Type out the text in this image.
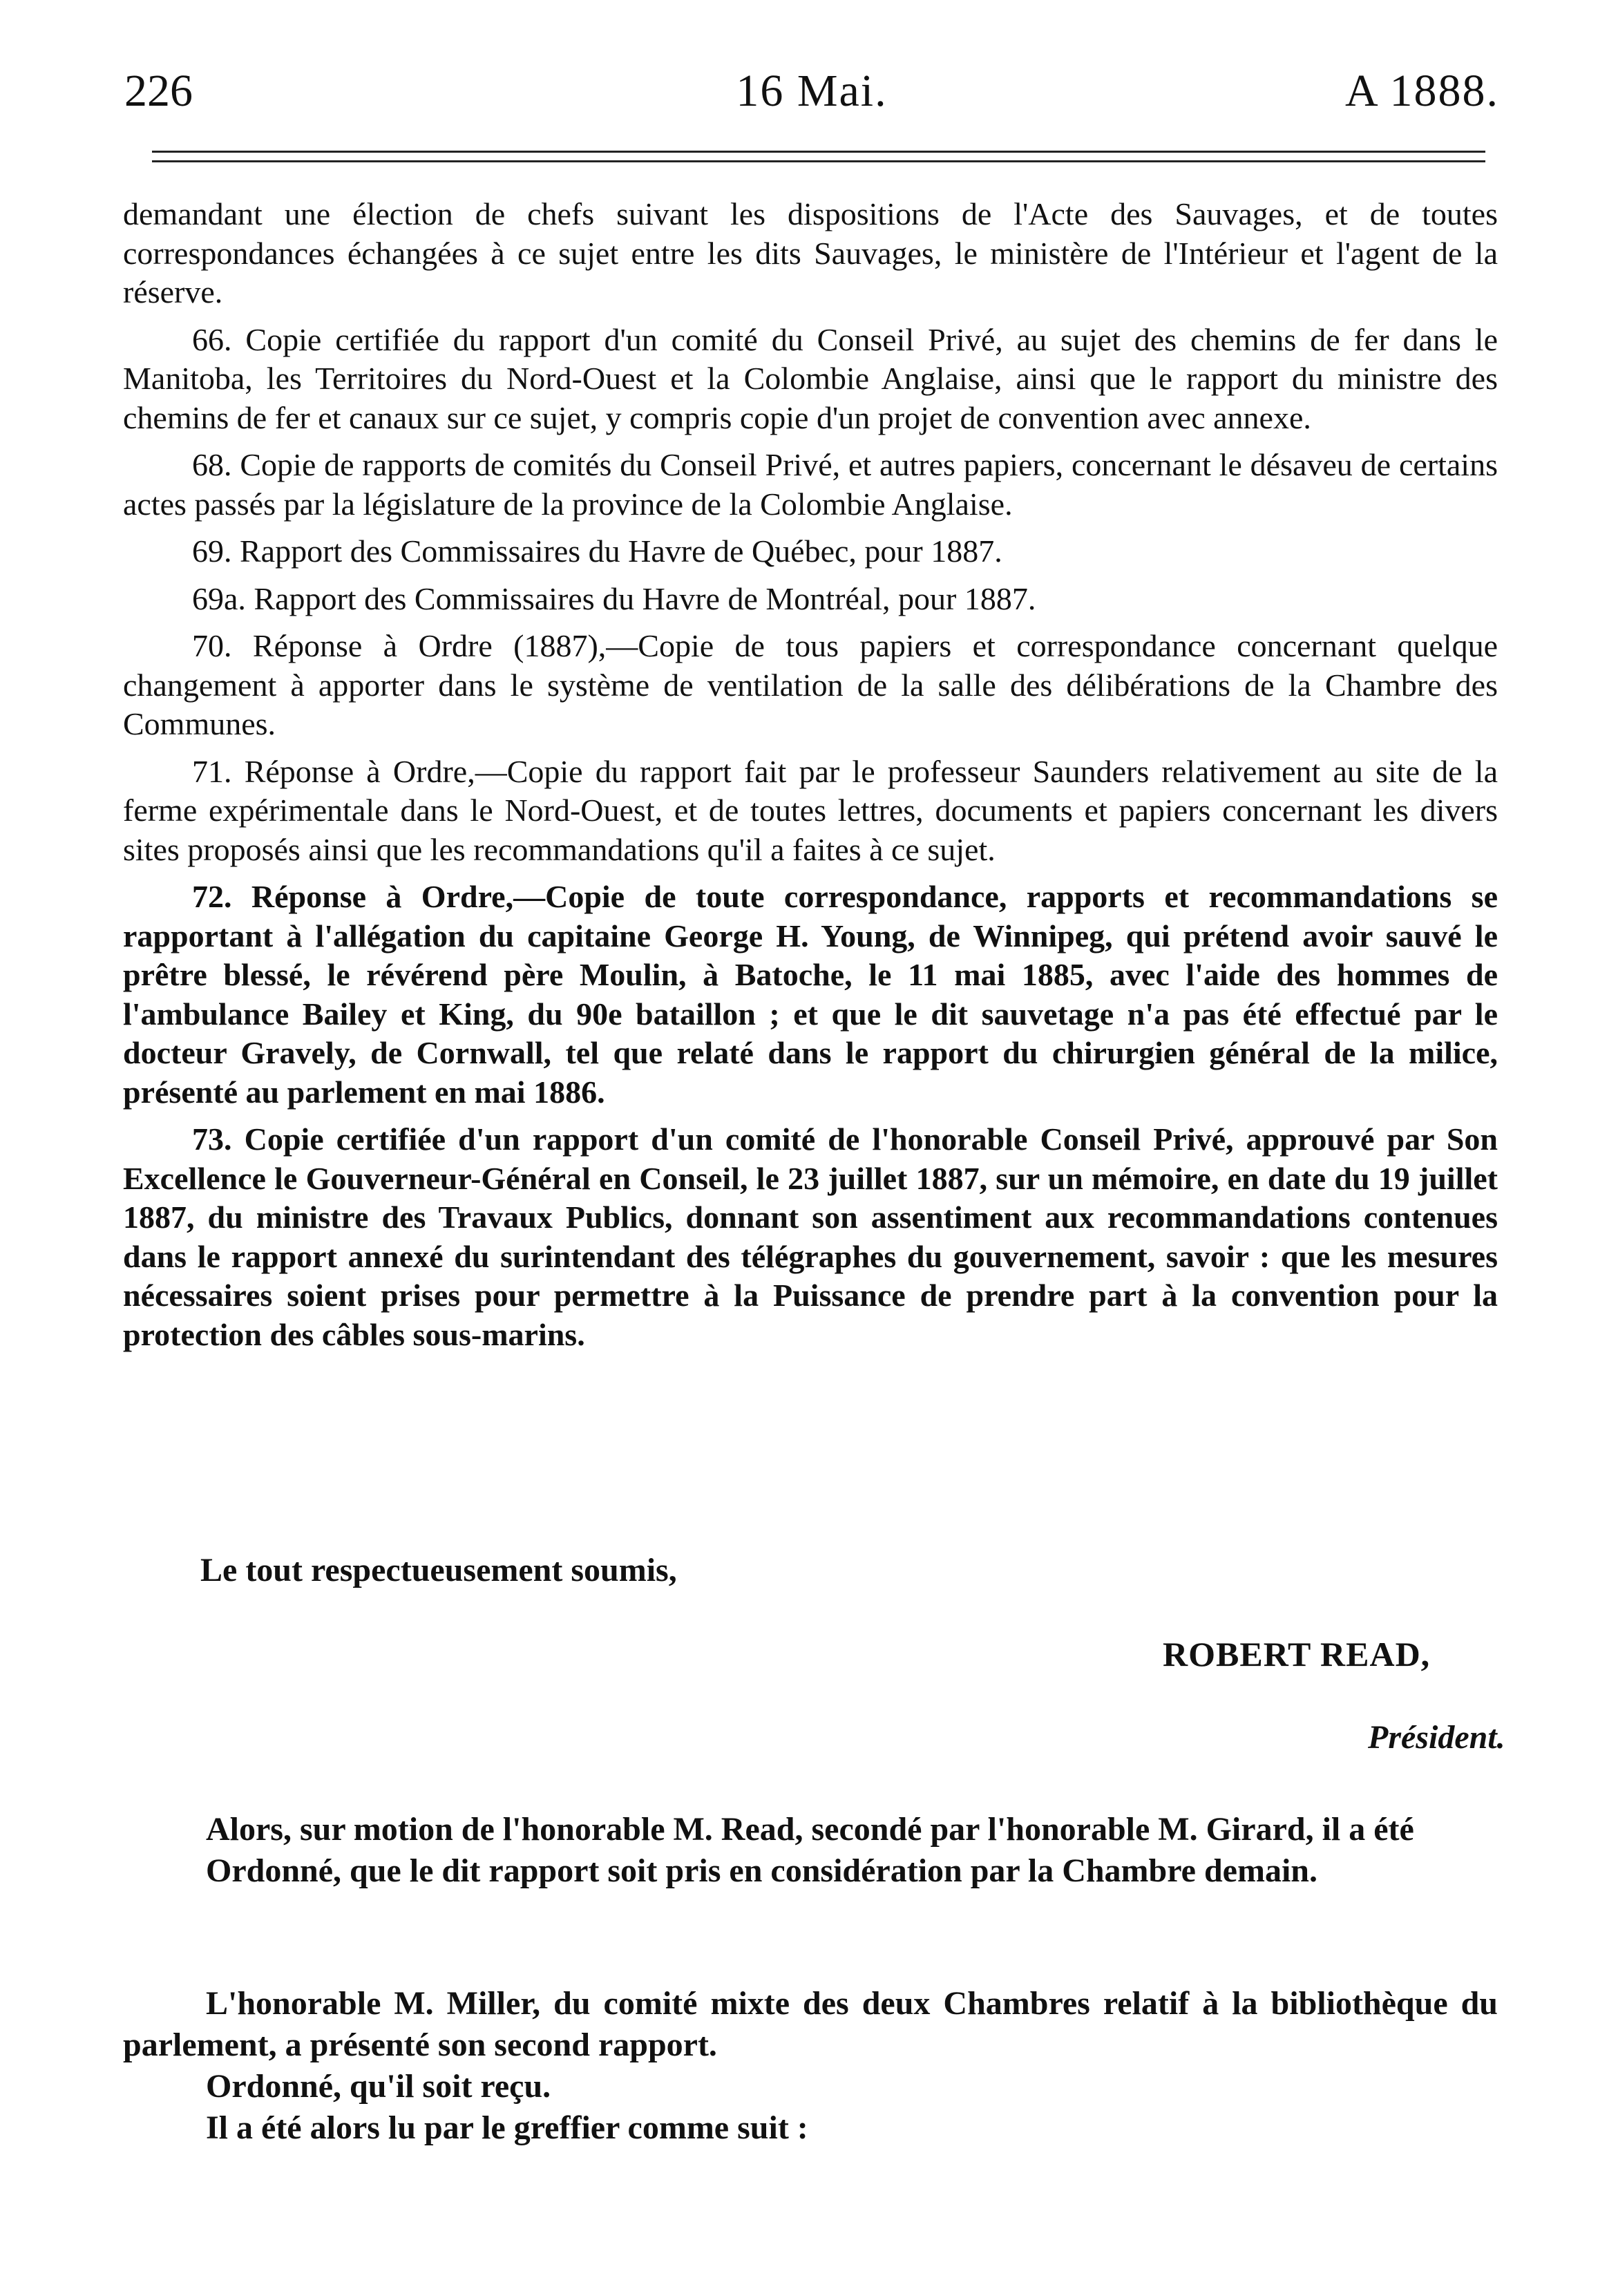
226	16 Mai.	A 1888.

demandant une élection de chefs suivant les dispositions de l'Acte des Sauvages, et de toutes correspondances échangées à ce sujet entre les dits Sauvages, le ministère de l'Intérieur et l'agent de la réserve.

66. Copie certifiée du rapport d'un comité du Conseil Privé, au sujet des chemins de fer dans le Manitoba, les Territoires du Nord-Ouest et la Colombie Anglaise, ainsi que le rapport du ministre des chemins de fer et canaux sur ce sujet, y compris copie d'un projet de convention avec annexe.

68. Copie de rapports de comités du Conseil Privé, et autres papiers, concernant le désaveu de certains actes passés par la législature de la province de la Colombie Anglaise.

69. Rapport des Commissaires du Havre de Québec, pour 1887.

69a. Rapport des Commissaires du Havre de Montréal, pour 1887.

70. Réponse à Ordre (1887),—Copie de tous papiers et correspondance concernant quelque changement à apporter dans le système de ventilation de la salle des délibérations de la Chambre des Communes.

71. Réponse à Ordre,—Copie du rapport fait par le professeur Saunders relativement au site de la ferme expérimentale dans le Nord-Ouest, et de toutes lettres, documents et papiers concernant les divers sites proposés ainsi que les recommandations qu'il a faites à ce sujet.

72. Réponse à Ordre,—Copie de toute correspondance, rapports et recommandations se rapportant à l'allégation du capitaine George H. Young, de Winnipeg, qui prétend avoir sauvé le prêtre blessé, le révérend père Moulin, à Batoche, le 11 mai 1885, avec l'aide des hommes de l'ambulance Bailey et King, du 90e bataillon ; et que le dit sauvetage n'a pas été effectué par le docteur Gravely, de Cornwall, tel que relaté dans le rapport du chirurgien général de la milice, présenté au parlement en mai 1886.

73. Copie certifiée d'un rapport d'un comité de l'honorable Conseil Privé, approuvé par Son Excellence le Gouverneur-Général en Conseil, le 23 juillet 1887, sur un mémoire, en date du 19 juillet 1887, du ministre des Travaux Publics, donnant son assentiment aux recommandations contenues dans le rapport annexé du surintendant des télégraphes du gouvernement, savoir : que les mesures nécessaires soient prises pour permettre à la Puissance de prendre part à la convention pour la protection des câbles sous-marins.

Le tout respectueusement soumis,
ROBERT READ,
Président.

Alors, sur motion de l'honorable M. Read, secondé par l'honorable M. Girard, il a été

Ordonné, que le dit rapport soit pris en considération par la Chambre demain.

L'honorable M. Miller, du comité mixte des deux Chambres relatif à la bibliothèque du parlement, a présenté son second rapport.

Ordonné, qu'il soit reçu.

Il a été alors lu par le greffier comme suit :
